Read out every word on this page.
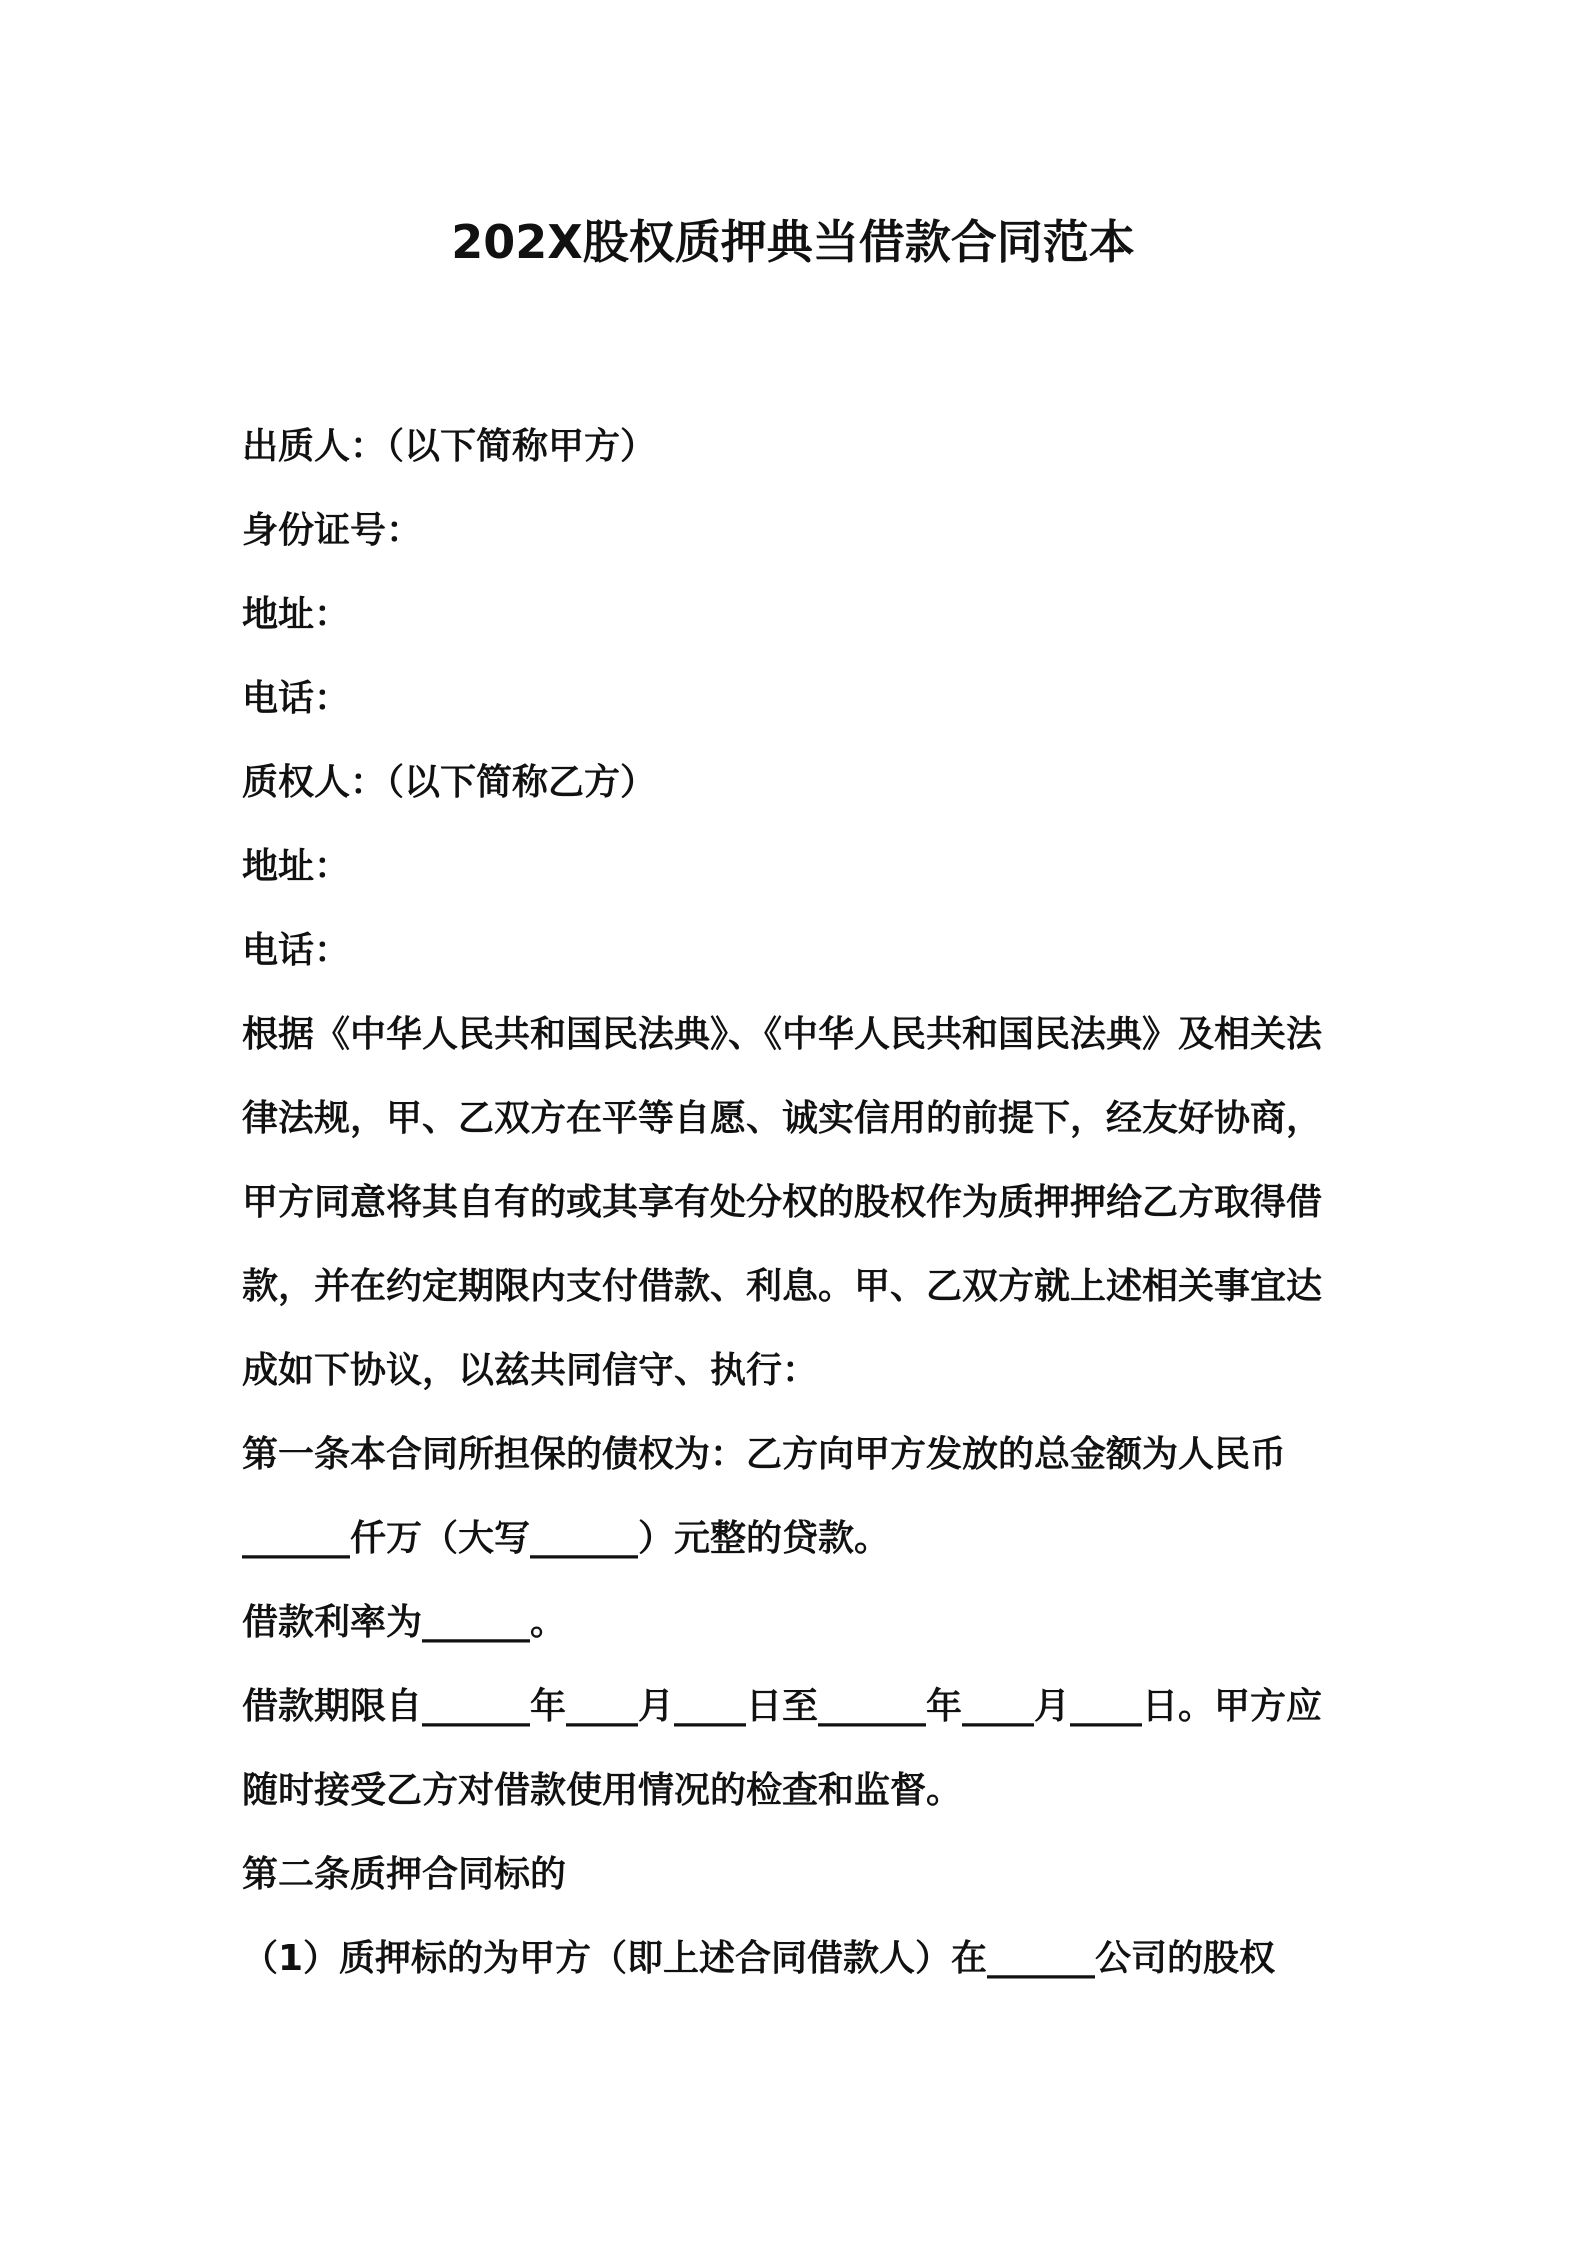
202X股权质押典当借款合同范本
出质人：（以下简称甲方）
身份证号：
地址：
电话：
质权人：（以下简称乙方）
地址：
电话：
根据《中华人民共和国民法典》、《中华人民共和国民法典》及相关法律法规，甲、乙双方在平等自愿、诚实信用的前提下，经友好协商，甲方同意将其自有的或其享有处分权的股权作为质押押给乙方取得借款，并在约定期限内支付借款、利息。甲、乙双方就上述相关事宜达成如下协议，以兹共同信守、执行：
第一条本合同所担保的债权为：乙方向甲方发放的总金额为人民币______仟万（大写______）元整的贷款。
借款利率为______。
借款期限自______年____月____日至______年____月____日。甲方应随时接受乙方对借款使用情况的检查和监督。
第二条质押合同标的
（1）质押标的为甲方（即上述合同借款人）在______公司的股权
